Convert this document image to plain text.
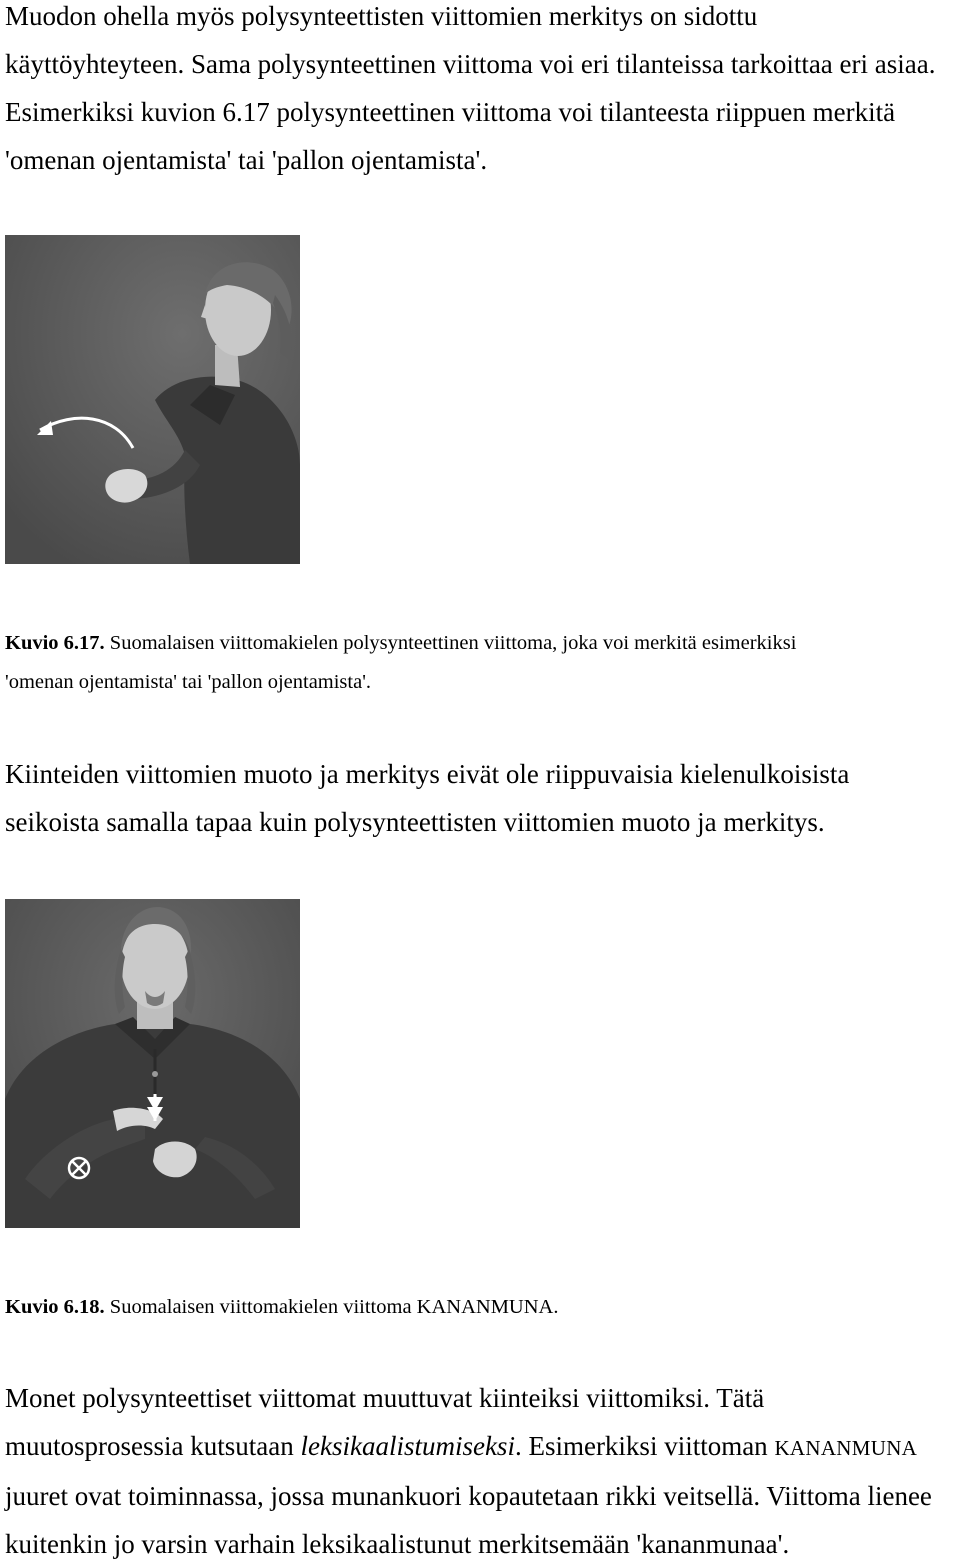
Muodon ohella myös polysynteettisten viittomien merkitys on sidottu
käyttöyhteyteen. Sama polysynteettinen viittoma voi eri tilanteissa tarkoittaa eri asiaa.
Esimerkiksi kuvion 6.17 polysynteettinen viittoma voi tilanteesta riippuen merkitä
'omenan ojentamista' tai 'pallon ojentamista'.

Kuvio 6.17. Suomalaisen viittomakielen polysynteettinen viittoma, joka voi merkitä esimerkiksi
'omenan ojentamista' tai 'pallon ojentamista'.

Kiinteiden viittomien muoto ja merkitys eivät ole riippuvaisia kielenulkoisista
seikoista samalla tapaa kuin polysynteettisten viittomien muoto ja merkitys.

Kuvio 6.18. Suomalaisen viittomakielen viittoma KANANMUNA.

Monet polysynteettiset viittomat muuttuvat kiinteiksi viittomiksi. Tätä
muutosprosessia kutsutaan leksikaalistumiseksi. Esimerkiksi viittoman KANANMUNA
juuret ovat toiminnassa, jossa munankuori kopautetaan rikki veitsellä. Viittoma lienee
kuitenkin jo varsin varhain leksikaalistunut merkitsemään 'kananmunaa'.
